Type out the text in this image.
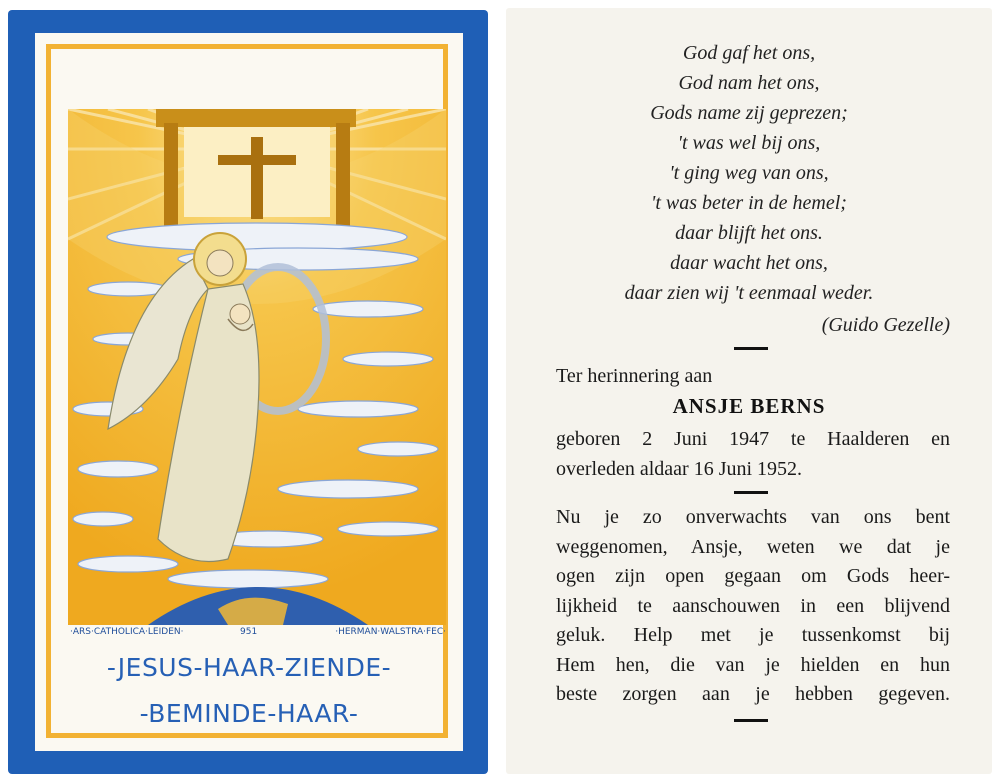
·ARS·CATHOLICA·LEIDEN·	951	·HERMAN·WALSTRA·FEC·
-JESUS-HAAR-ZIENDE-
-BEMINDE-HAAR-
God gaf het ons,
God nam het ons,
Gods name zij geprezen;
't was wel bij ons,
't ging weg van ons,
't was beter in de hemel;
daar blijft het ons.
daar wacht het ons,
daar zien wij 't eenmaal weder.
(Guido Gezelle)
Ter herinnering aan
ANSJE BERNS
geboren 2 Juni 1947 te Haalderen en
overleden aldaar 16 Juni 1952.
Nu je zo onverwachts van ons bent
weggenomen, Ansje, weten we dat je
ogen zijn open gegaan om Gods heer-
lijkheid te aanschouwen in een blijvend
geluk. Help met je tussenkomst bij
Hem hen, die van je hielden en hun
beste zorgen aan je hebben gegeven.
